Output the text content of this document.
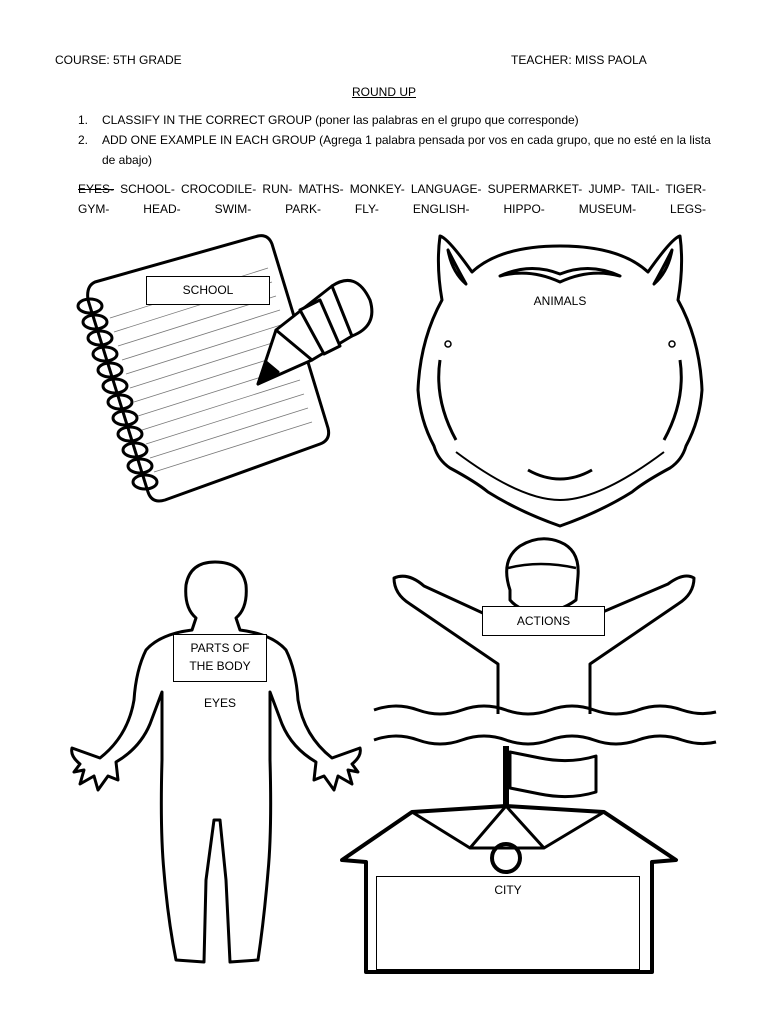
COURSE: 5TH GRADE	TEACHER: MISS PAOLA
ROUND UP
1. CLASSIFY IN THE CORRECT GROUP (poner las palabras en el grupo que corresponde)
2. ADD ONE EXAMPLE IN EACH GROUP (Agrega 1 palabra pensada por vos en cada grupo, que no esté en la lista de abajo)
EYES- SCHOOL- CROCODILE- RUN- MATHS- MONKEY- LANGUAGE- SUPERMARKET- JUMP- TAIL- TIGER- GYM-	HEAD-	SWIM-	PARK-	FLY-	ENGLISH-	HIPPO-	MUSEUM-	LEGS-
SCHOOL
ANIMALS
PARTS OF
THE BODY
EYES
ACTIONS
CITY
